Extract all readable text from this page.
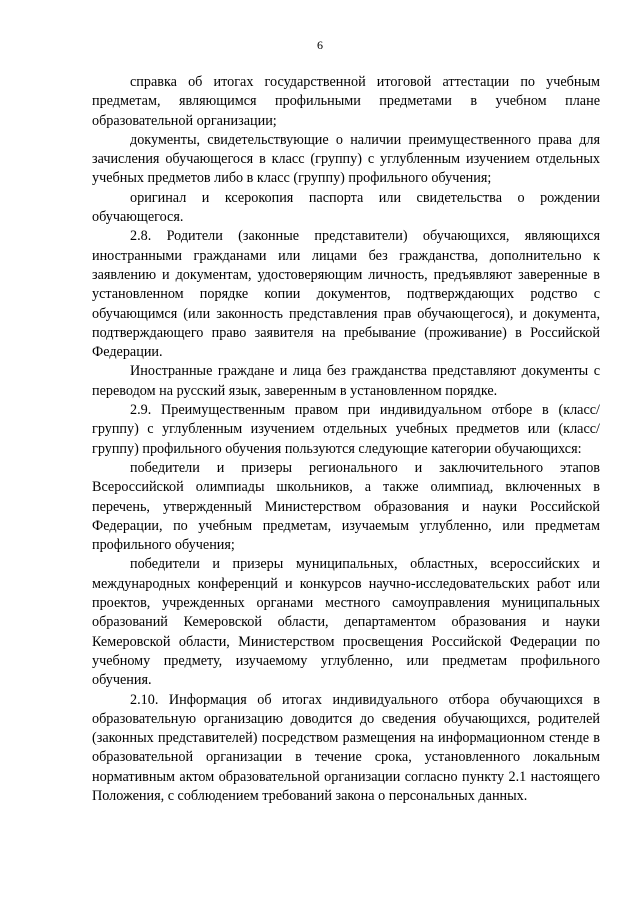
6

справка об итогах государственной итоговой аттестации по учебным предметам, являющимся профильными предметами в учебном плане образовательной организации;

документы, свидетельствующие о наличии преимущественного права для зачисления обучающегося в класс (группу) с углубленным изучением отдельных учебных предметов либо в класс (группу) профильного обучения;

оригинал и ксерокопия паспорта или свидетельства о рождении обучающегося.

2.8. Родители (законные представители) обучающихся, являющихся иностранными гражданами или лицами без гражданства, дополнительно к заявлению и документам, удостоверяющим личность, предъявляют заверенные в установленном порядке копии документов, подтверждающих родство с обучающимся (или законность представления прав обучающегося), и документа, подтверждающего право заявителя на пребывание (проживание) в Российской Федерации.

Иностранные граждане и лица без гражданства представляют документы с переводом на русский язык, заверенным в установленном порядке.

2.9. Преимущественным правом при индивидуальном отборе в (класс/группу) с углубленным изучением отдельных учебных предметов или (класс/группу) профильного обучения пользуются следующие категории обучающихся:

победители и призеры регионального и заключительного этапов Всероссийской олимпиады школьников, а также олимпиад, включенных в перечень, утвержденный Министерством образования и науки Российской Федерации, по учебным предметам, изучаемым углубленно, или предметам профильного обучения;

победители и призеры муниципальных, областных, всероссийских и международных конференций и конкурсов научно-исследовательских работ или проектов, учрежденных органами местного самоуправления муниципальных образований Кемеровской области, департаментом образования и науки Кемеровской области, Министерством просвещения Российской Федерации по учебному предмету, изучаемому углубленно, или предметам профильного обучения.

2.10. Информация об итогах индивидуального отбора обучающихся в образовательную организацию доводится до сведения обучающихся, родителей (законных представителей) посредством размещения на информационном стенде в образовательной организации в течение срока, установленного локальным нормативным актом образовательной организации согласно пункту 2.1 настоящего Положения, с соблюдением требований закона о персональных данных.
